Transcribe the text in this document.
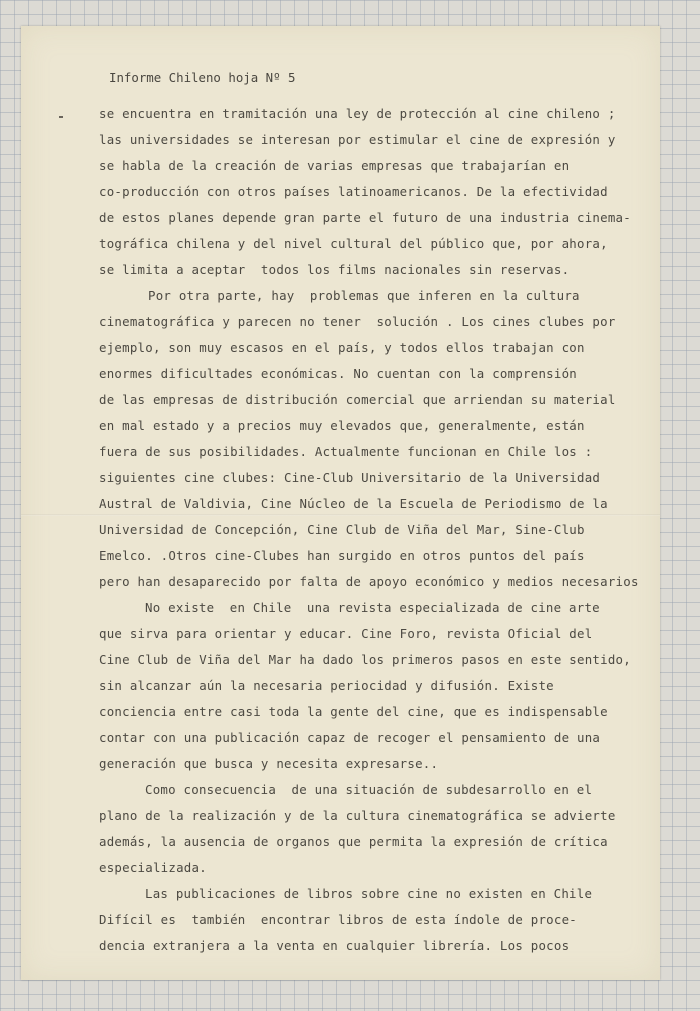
Informe Chileno hoja Nº 5
se encuentra en tramitación una ley de protección al cine chileno ;
las universidades se interesan por estimular el cine de expresión y
se habla de la creación de varias empresas que trabajarían en
co-producción con otros países latinoamericanos. De la efectividad
de estos planes depende gran parte el futuro de una industria cinema-
tográfica chilena y del nivel cultural del público que, por ahora,
se limita a aceptar  todos los films nacionales sin reservas.
Por otra parte, hay  problemas que inferen en la cultura
cinematográfica y parecen no tener  solución . Los cines clubes por
ejemplo, son muy escasos en el país, y todos ellos trabajan con
enormes dificultades económicas. No cuentan con la comprensión
de las empresas de distribución comercial que arriendan su material
en mal estado y a precios muy elevados que, generalmente, están
fuera de sus posibilidades. Actualmente funcionan en Chile los :
siguientes cine clubes: Cine-Club Universitario de la Universidad
Austral de Valdivia, Cine Núcleo de la Escuela de Periodismo de la
Universidad de Concepción, Cine Club de Viña del Mar, Sine-Club
Emelco. .Otros cine-Clubes han surgido en otros puntos del país
pero han desaparecido por falta de apoyo económico y medios necesarios
No existe  en Chile  una revista especializada de cine arte
que sirva para orientar y educar. Cine Foro, revista Oficial del
Cine Club de Viña del Mar ha dado los primeros pasos en este sentido,
sin alcanzar aún la necesaria periocidad y difusión. Existe
conciencia entre casi toda la gente del cine, que es indispensable
contar con una publicación capaz de recoger el pensamiento de una
generación que busca y necesita expresarse..
Como consecuencia  de una situación de subdesarrollo en el
plano de la realización y de la cultura cinematográfica se advierte
además, la ausencia de organos que permita la expresión de crítica
especializada.
Las publicaciones de libros sobre cine no existen en Chile
Difícil es  también  encontrar libros de esta índole de proce-
dencia extranjera a la venta en cualquier librería. Los pocos
